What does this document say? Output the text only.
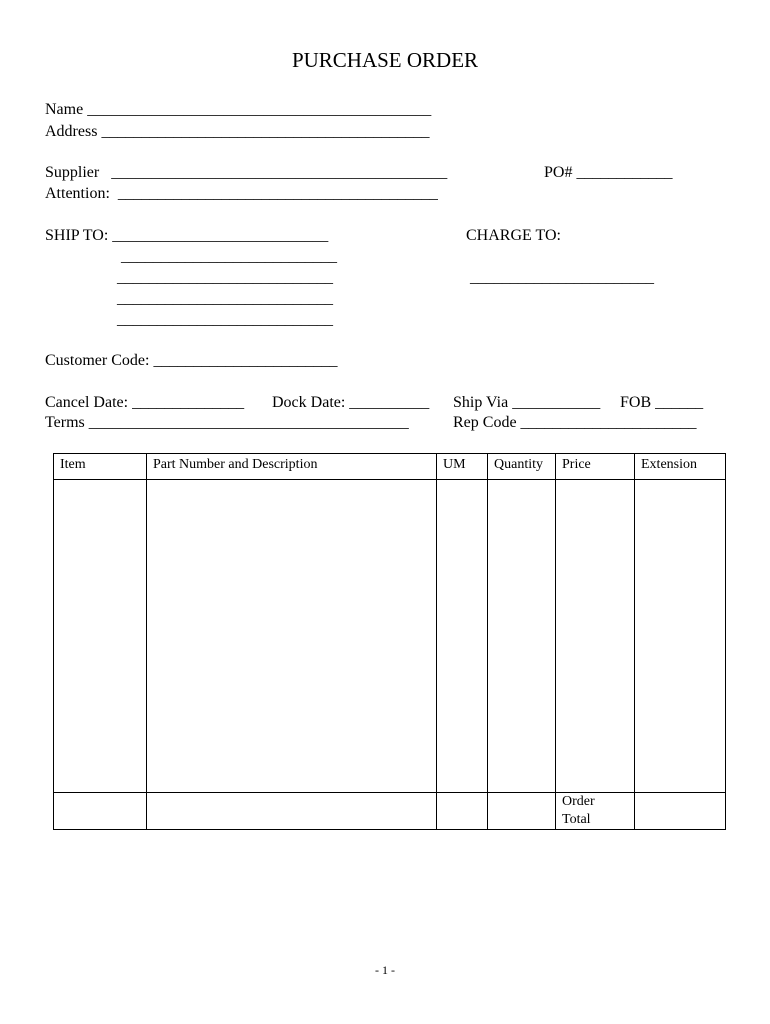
PURCHASE ORDER
Name ___________________________________________
Address _________________________________________
Supplier   __________________________________________	PO# ____________
Attention:  ________________________________________
SHIP TO: ___________________________	CHARGE TO:
___________________________
___________________________	_______________________
___________________________
___________________________
Customer Code: _______________________
Cancel Date: ______________ Dock Date: __________ Ship Via ___________ FOB ______
Terms ________________________________________	Rep Code ______________________
Item	Part Number and Description	UM	Quantity	Price	Extension

				Order Total	

- 1 -
